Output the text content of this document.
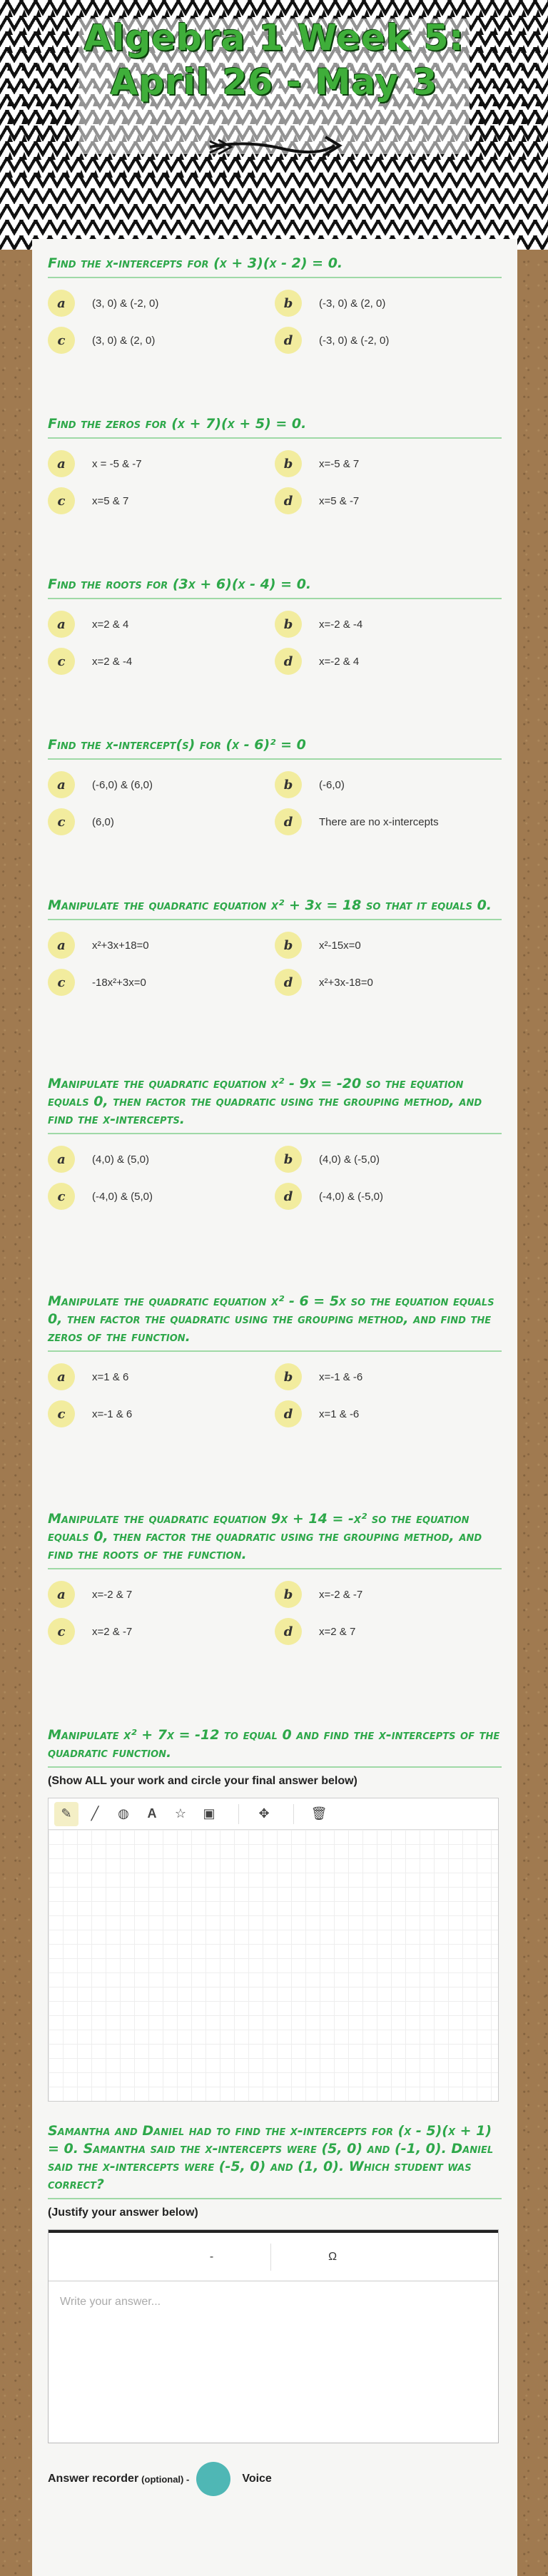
Algebra 1 Week 5: April 26 - May 3
Find the x-intercepts for (x + 3)(x - 2) = 0.
a	(3, 0) & (-2, 0)	b	(-3, 0) & (2, 0)
c	(3, 0) & (2, 0)	d	(-3, 0) & (-2, 0)
Find the zeros for (x + 7)(x + 5) = 0.
a	x = -5 & -7	b	x=-5 & 7
c	x=5 & 7	d	x=5 & -7
Find the roots for (3x + 6)(x - 4) = 0.
a	x=2 & 4	b	x=-2 & -4
c	x=2 & -4	d	x=-2 & 4
Find the x-intercept(s) for (x - 6)² = 0
a	(-6,0) & (6,0)	b	(-6,0)
c	(6,0)	d	There are no x-intercepts
Manipulate the quadratic equation x² + 3x = 18 so that it equals 0.
a	x²+3x+18=0	b	x²-15x=0
c	-18x²+3x=0	d	x²+3x-18=0
Manipulate the quadratic equation x² - 9x = -20 so the equation equals 0, then factor the quadratic using the grouping method, and find the x-intercepts.
a	(4,0) & (5,0)	b	(4,0) & (-5,0)
c	(-4,0) & (5,0)	d	(-4,0) & (-5,0)
Manipulate the quadratic equation x² - 6 = 5x so the equation equals 0, then factor the quadratic using the grouping method, and find the zeros of the function.
a	x=1 & 6	b	x=-1 & -6
c	x=-1 & 6	d	x=1 & -6
Manipulate the quadratic equation 9x + 14 = -x² so the equation equals 0, then factor the quadratic using the grouping method, and find the roots of the function.
a	x=-2 & 7	b	x=-2 & -7
c	x=2 & -7	d	x=2 & 7
Manipulate x² + 7x = -12 to equal 0 and find the x-intercepts of the quadratic function.
(Show ALL your work and circle your final answer below)
✎	╱	◍	A	☆	▣	✥	🗑
Samantha and Daniel had to find the x-intercepts for (x - 5)(x + 1) = 0. Samantha said the x-intercepts were (5, 0) and (-1, 0). Daniel said the x-intercepts were (-5, 0) and (1, 0). Which student was correct?
(Justify your answer below)
-	Ω
Write your answer...
Answer recorder (optional) -	Voice
